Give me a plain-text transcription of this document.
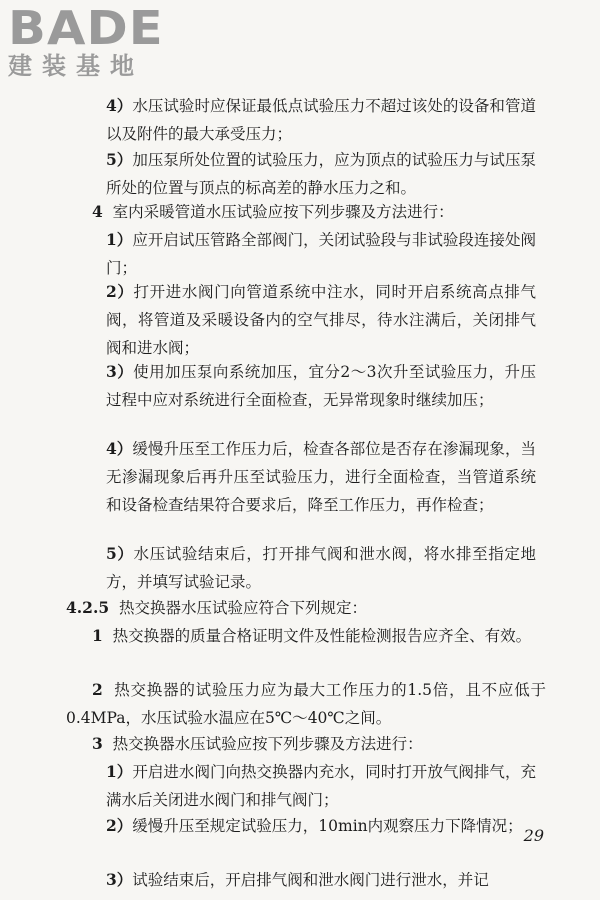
BADE
建装基地

4）水压试验时应保证最低点试验压力不超过该处的设备和管道以及附件的最大承受压力；

5）加压泵所处位置的试验压力，应为顶点的试验压力与试压泵所处的位置与顶点的标高差的静水压力之和。

4 室内采暖管道水压试验应按下列步骤及方法进行：

1）应开启试压管路全部阀门，关闭试验段与非试验段连接处阀门；

2）打开进水阀门向管道系统中注水，同时开启系统高点排气阀，将管道及采暖设备内的空气排尽，待水注满后，关闭排气阀和进水阀；

3）使用加压泵向系统加压，宜分2～3次升至试验压力，升压过程中应对系统进行全面检查，无异常现象时继续加压；

4）缓慢升压至工作压力后，检查各部位是否存在渗漏现象，当无渗漏现象后再升压至试验压力，进行全面检查，当管道系统和设备检查结果符合要求后，降至工作压力，再作检查；

5）水压试验结束后，打开排气阀和泄水阀，将水排至指定地方，并填写试验记录。

4.2.5 热交换器水压试验应符合下列规定：

1 热交换器的质量合格证明文件及性能检测报告应齐全、有效。

2 热交换器的试验压力应为最大工作压力的1.5倍，且不应低于0.4MPa，水压试验水温应在5℃～40℃之间。

3 热交换器水压试验应按下列步骤及方法进行：

1）开启进水阀门向热交换器内充水，同时打开放气阀排气，充满水后关闭进水阀门和排气阀门；

2）缓慢升压至规定试验压力，10min内观察压力下降情况；

3）试验结束后，开启排气阀和泄水阀门进行泄水，并记

29
